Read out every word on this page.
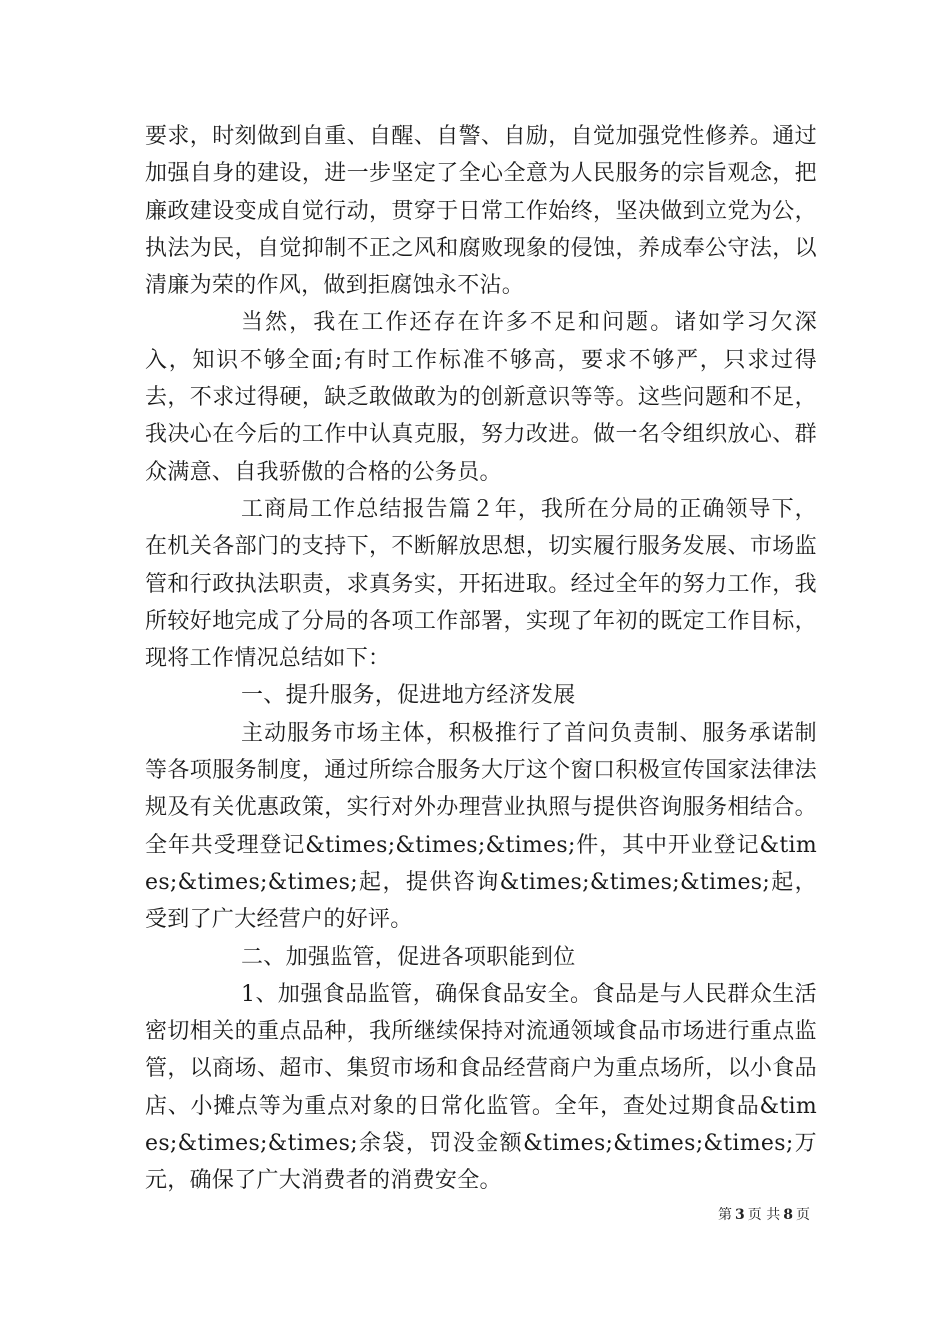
要求，时刻做到自重、自醒、自警、自励，自觉加强党性修养。通过加强自身的建设，进一步坚定了全心全意为人民服务的宗旨观念，把廉政建设变成自觉行动，贯穿于日常工作始终，坚决做到立党为公，执法为民，自觉抑制不正之风和腐败现象的侵蚀，养成奉公守法，以清廉为荣的作风，做到拒腐蚀永不沾。

当然，我在工作还存在许多不足和问题。诸如学习欠深入，知识不够全面;有时工作标准不够高，要求不够严，只求过得去，不求过得硬，缺乏敢做敢为的创新意识等等。这些问题和不足，我决心在今后的工作中认真克服，努力改进。做一名令组织放心、群众满意、自我骄傲的合格的公务员。

工商局工作总结报告篇２年，我所在分局的正确领导下，在机关各部门的支持下，不断解放思想，切实履行服务发展、市场监管和行政执法职责，求真务实，开拓进取。经过全年的努力工作，我所较好地完成了分局的各项工作部署，实现了年初的既定工作目标，现将工作情况总结如下：

一、提升服务，促进地方经济发展

主动服务市场主体，积极推行了首问负责制、服务承诺制等各项服务制度，通过所综合服务大厅这个窗口积极宣传国家法律法规及有关优惠政策，实行对外办理营业执照与提供咨询服务相结合。全年共受理登记&times;&times;&times;件，其中开业登记&times;&times;&times;起，提供咨询&times;&times;&times;起，受到了广大经营户的好评。

二、加强监管，促进各项职能到位

1、加强食品监管，确保食品安全。食品是与人民群众生活密切相关的重点品种，我所继续保持对流通领域食品市场进行重点监管，以商场、超市、集贸市场和食品经营商户为重点场所，以小食品店、小摊点等为重点对象的日常化监管。全年，查处过期食品&times;&times;&times;余袋，罚没金额&times;&times;&times;万元，确保了广大消费者的消费安全。

第 3 页 共 8 页
